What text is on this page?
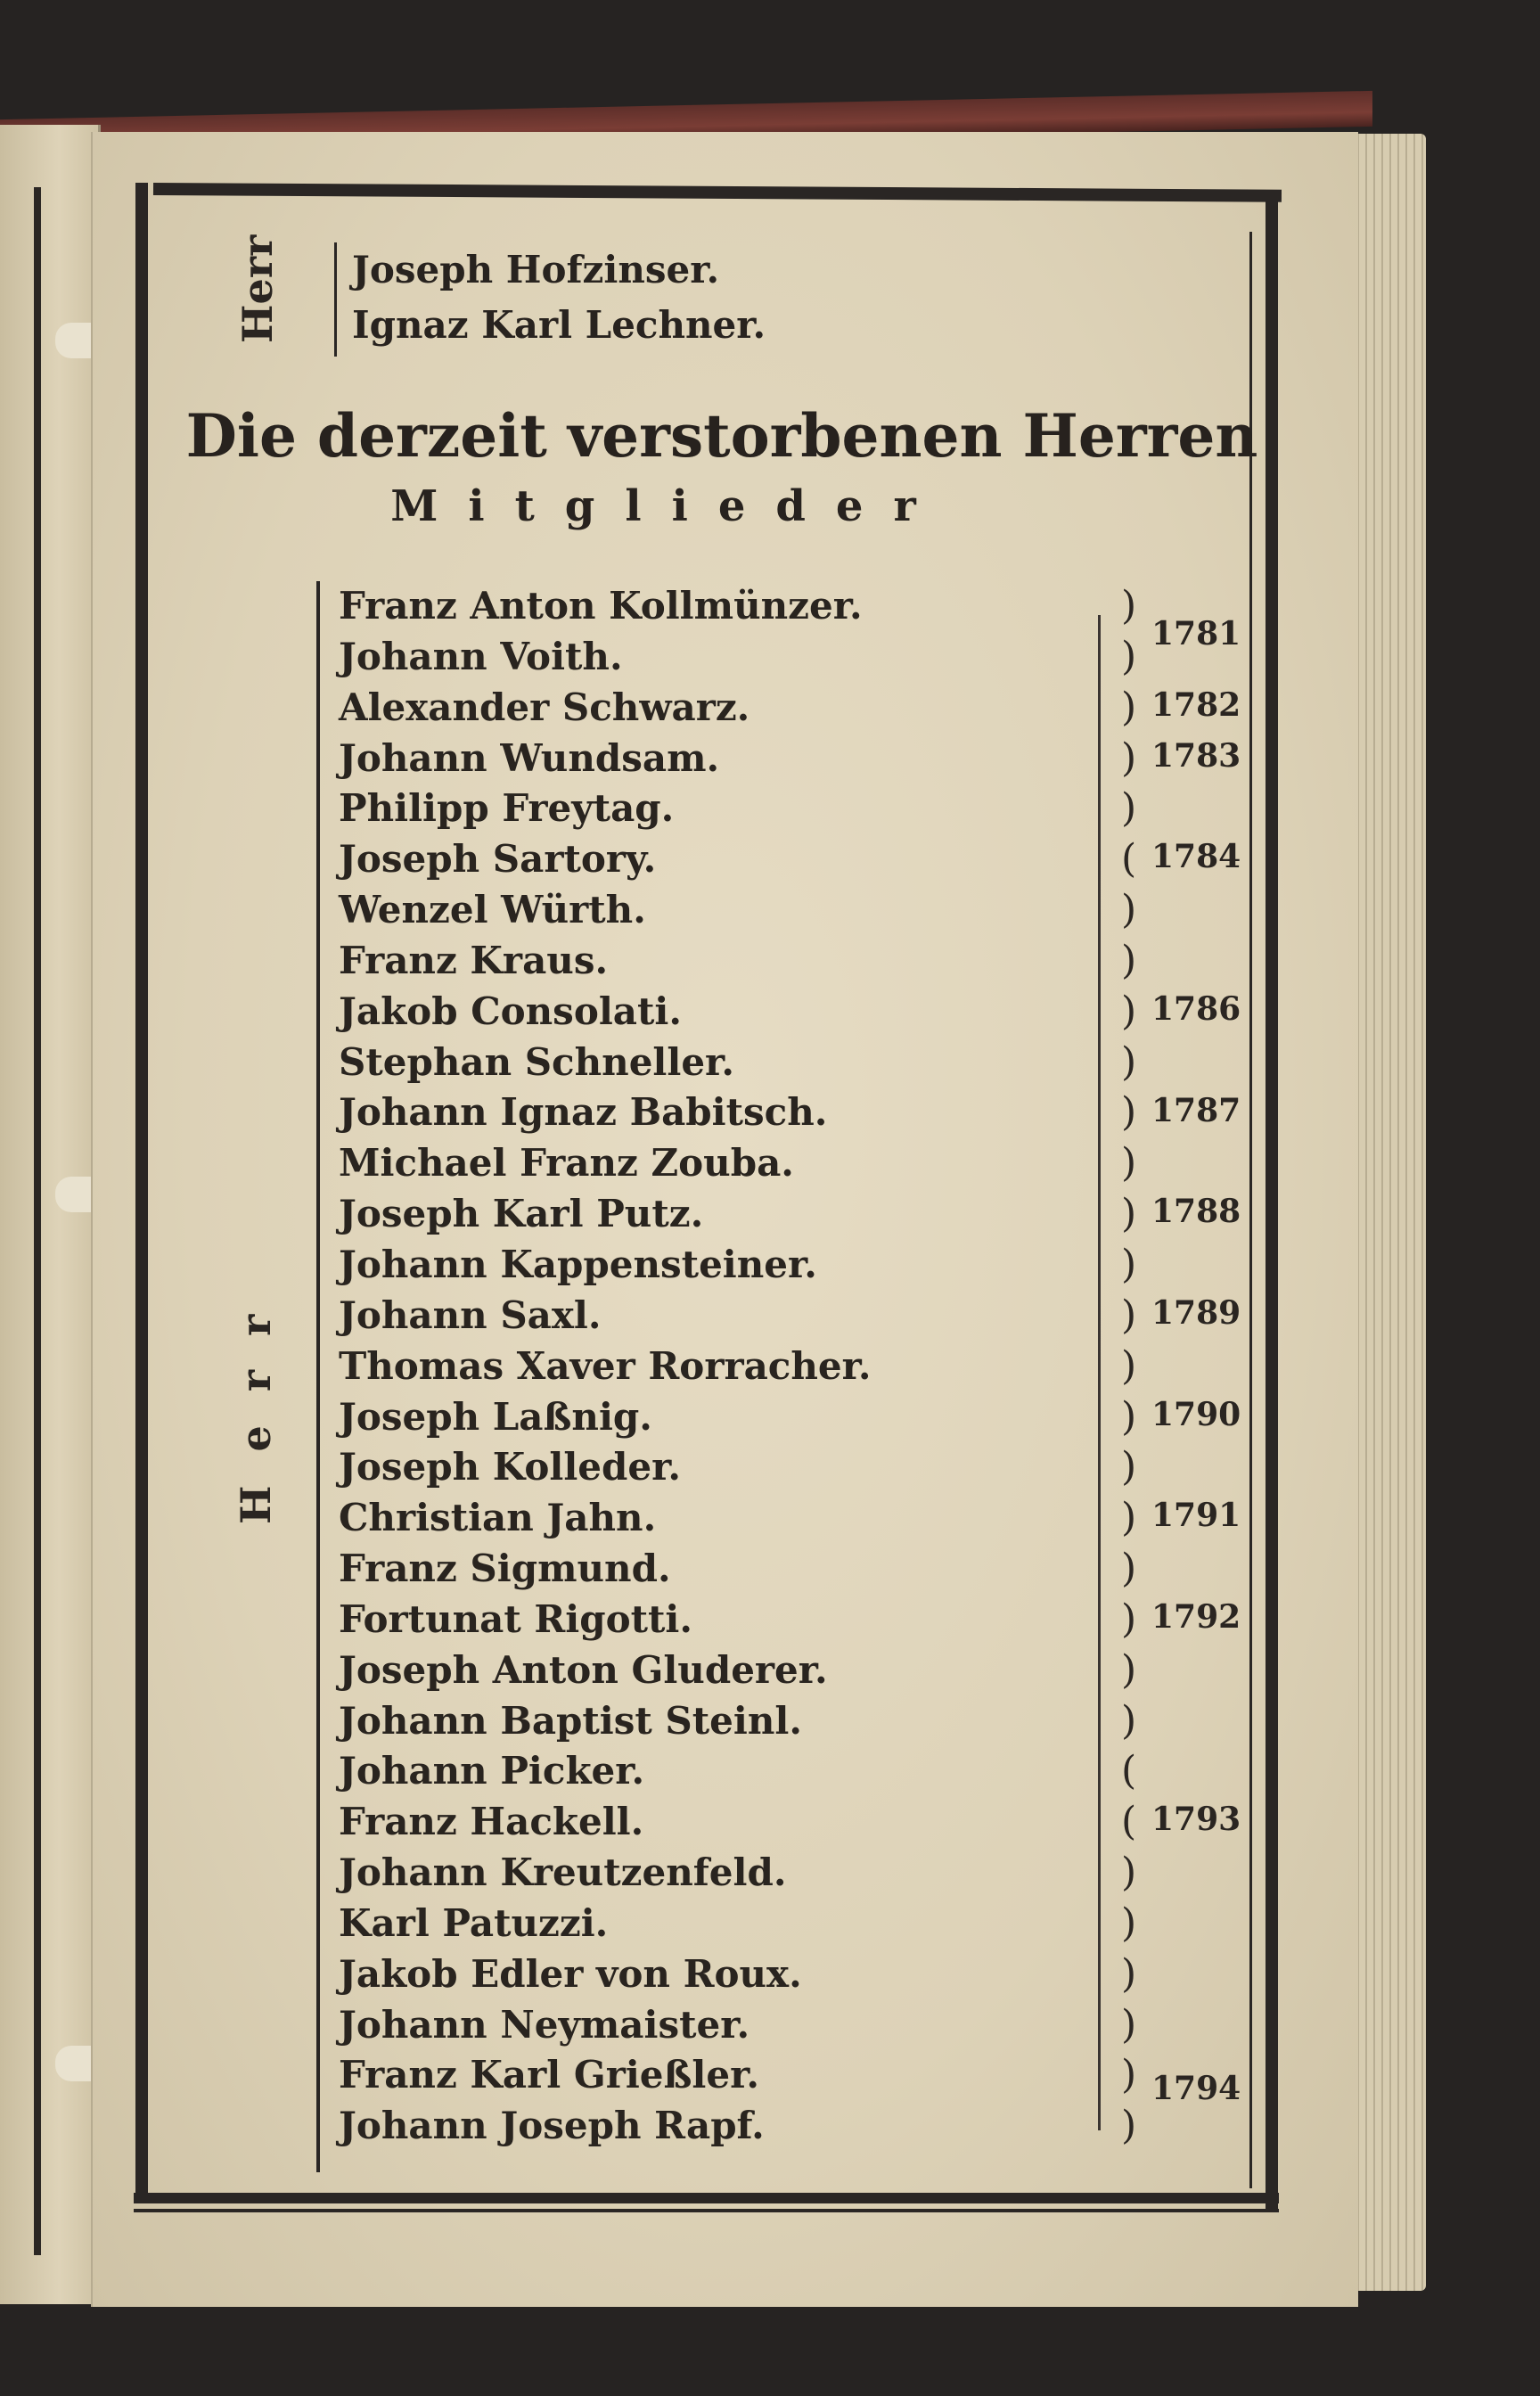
Herr Joseph Hofzinser.
Ignaz Karl Lechner.
Die derzeit verstorbenen Herren
Mitglieder
Herr
Franz Anton Kollmünzer.
Johann Voith.
Alexander Schwarz.
Johann Wundsam.
Philipp Freytag.
Joseph Sartory.
Wenzel Würth.
Franz Kraus.
Jakob Consolati.
Stephan Schneller.
Johann Ignaz Babitsch.
Michael Franz Zouba.
Joseph Karl Putz.
Johann Kappensteiner.
Johann Saxl.
Thomas Xaver Rorracher.
Joseph Laßnig.
Joseph Kolleder.
Christian Jahn.
Franz Sigmund.
Fortunat Rigotti.
Joseph Anton Gluderer.
Johann Baptist Steinl.
Johann Picker.
Franz Hackell.
Johann Kreutzenfeld.
Karl Patuzzi.
Jakob Edler von Roux.
Johann Neymaister.
Franz Karl Grießler.
Johann Joseph Rapf.
)
)
)
)
)
(
)
)
)
)
)
)
)
)
)
)
)
)
)
)
)
)
)
(
(
)
)
)
)
)
)
1781
1782
1783
1784
1786
1787
1788
1789
1790
1791
1792
1793
1794
